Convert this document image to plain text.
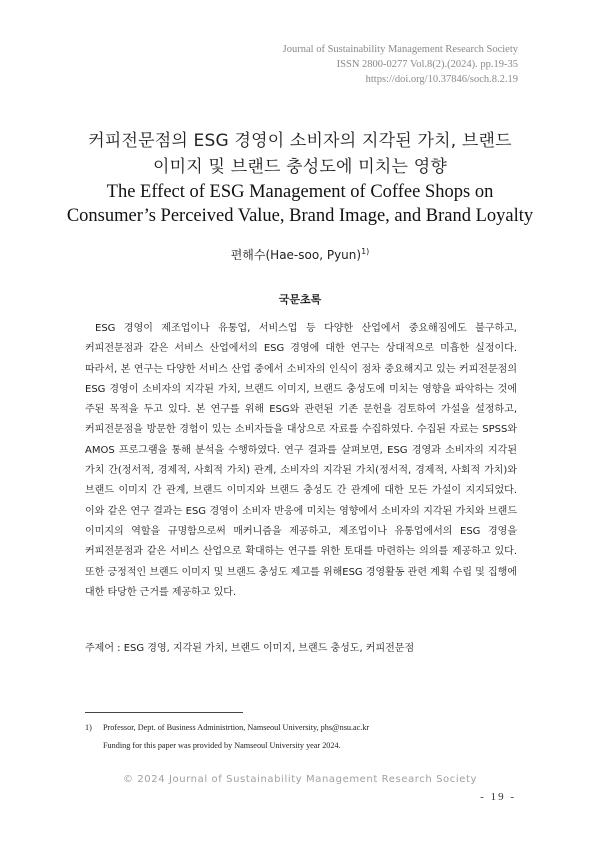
Journal of Sustainability Management Research Society
ISSN 2800-0277 Vol.8(2).(2024). pp.19-35
https://doi.org/10.37846/soch.8.2.19
커피전문점의 ESG 경영이 소비자의 지각된 가치, 브랜드
이미지 및 브랜드 충성도에 미치는 영향
The Effect of ESG Management of Coffee Shops on
Consumer’s Perceived Value, Brand Image, and Brand Loyalty
편해수(Hae-soo, Pyun)$^{1)}$
국문초록

ESG 경영이 제조업이나 유통업, 서비스업 등 다양한 산업에서 중요해짐에도 불구하고, 커피전문점과 같은 서비스 산업에서의 ESG 경영에 대한 연구는 상대적으로 미흡한 실정이다. 따라서, 본 연구는 다양한 서비스 산업 중에서 소비자의 인식이 점차 중요해지고 있는 커피전문점의 ESG 경영이 소비자의 지각된 가치, 브랜드 이미지, 브랜드 충성도에 미치는 영향을 파악하는 것에 주된 목적을 두고 있다. 본 연구를 위해 ESG와 관련된 기존 문헌을 검토하여 가설을 설정하고, 커피전문점을 방문한 경험이 있는 소비자들을 대상으로 자료를 수집하였다. 수집된 자료는 SPSS와 AMOS 프로그램을 통해 분석을 수행하였다. 연구 결과를 살펴보면, ESG 경영과 소비자의 지각된 가치 간(정서적, 경제적, 사회적 가치) 관계, 소비자의 지각된 가치(정서적, 경제적, 사회적 가치)와 브랜드 이미지 간 관계, 브랜드 이미지와 브랜드 충성도 간 관계에 대한 모든 가설이 지지되었다. 이와 같은 연구 결과는 ESG 경영이 소비자 반응에 미치는 영향에서 소비자의 지각된 가치와 브랜드 이미지의 역할을 규명함으로써 매커니즘을 제공하고, 제조업이나 유통업에서의 ESG 경영을 커피전문점과 같은 서비스 산업으로 확대하는 연구를 위한 토대를 마련하는 의의를 제공하고 있다. 또한 긍정적인 브랜드 이미지 및 브랜드 충성도 제고를 위해ESG 경영활동 관련 계획 수립 및 집행에 대한 타당한 근거를 제공하고 있다.

주제어 : ESG 경영, 지각된 가치, 브랜드 이미지, 브랜드 충성도, 커피전문점
1) Professor, Dept. of Business Administrtion, Namseoul University, phs@nsu.ac.kr
Funding for this paper was provided by Namseoul University year 2024.
© 2024 Journal of Sustainability Management Research Society
- 19 -
